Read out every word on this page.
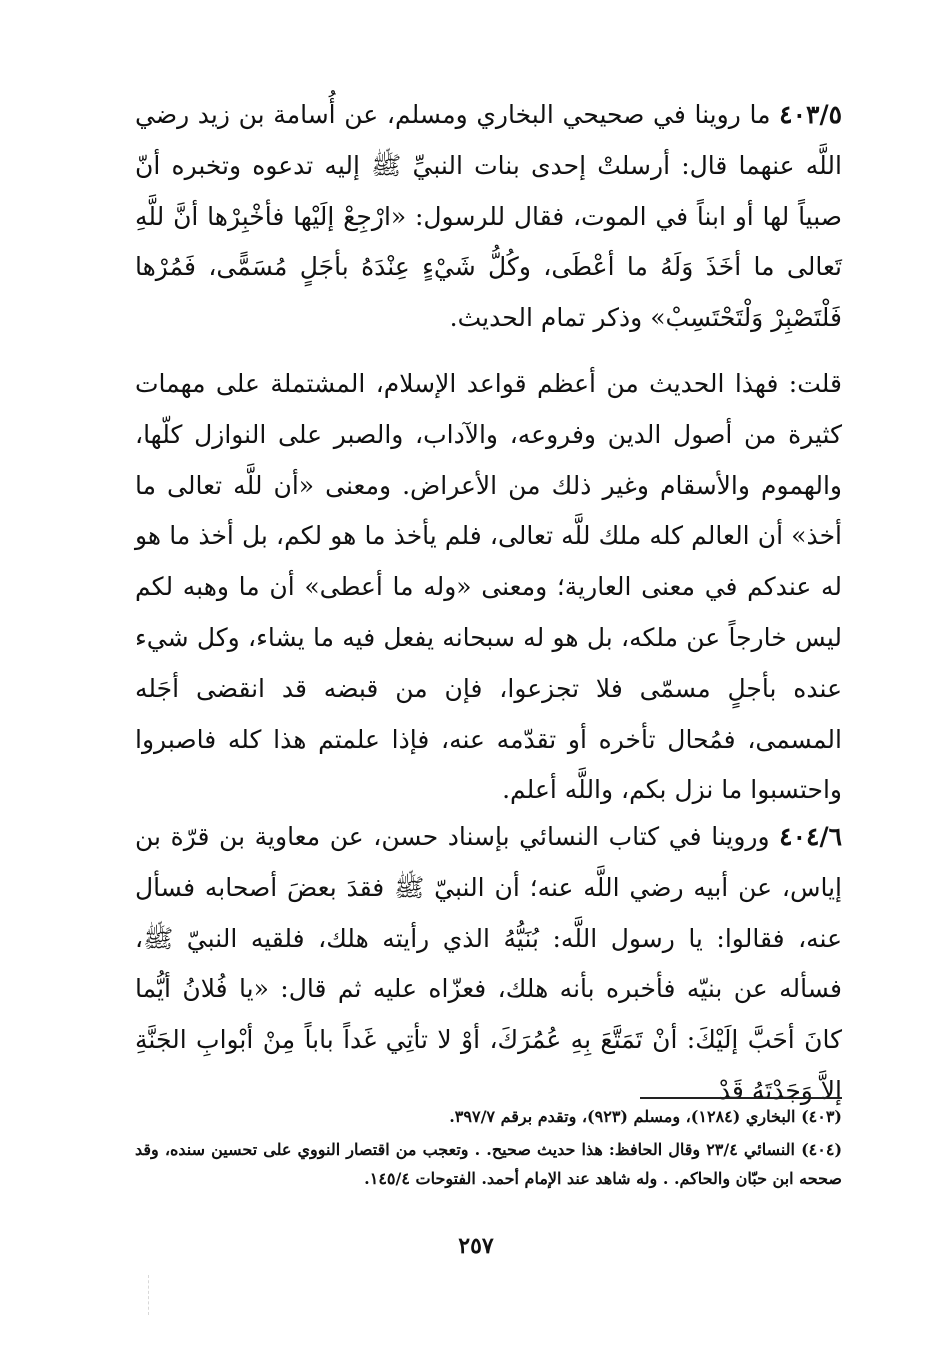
٤٠٣/٥ ما روينا في صحيحي البخاري ومسلم، عن أُسامة بن زيد رضي اللَّه عنهما قال: أرسلتْ إحدى بنات النبيِّ ﷺ إليه تدعوه وتخبره أنّ صبياً لها أو ابناً في الموت، فقال للرسول: «ارْجِعْ إلَيْها فأخْبِرْها أنَّ للَّهِ تَعالى ما أخَذَ وَلَهُ ما أعْطَى، وكُلُّ شَيْءٍ عِنْدَهُ بأجَلٍ مُسَمًّى، فَمُرْها فَلْتَصْبِرْ وَلْتَحْتَسِبْ» وذكر تمام الحديث.

قلت: فهذا الحديث من أعظم قواعد الإسلام، المشتملة على مهمات كثيرة من أصول الدين وفروعه، والآداب، والصبر على النوازل كلّها، والهموم والأسقام وغير ذلك من الأعراض. ومعنى «أن للَّه تعالى ما أخذ» أن العالم كله ملك للَّه تعالى، فلم يأخذ ما هو لكم، بل أخذ ما هو له عندكم في معنى العارية؛ ومعنى «وله ما أعطى» أن ما وهبه لكم ليس خارجاً عن ملكه، بل هو له سبحانه يفعل فيه ما يشاء، وكل شيء عنده بأجلٍ مسمّى فلا تجزعوا، فإن من قبضه قد انقضى أجَله المسمى، فمُحال تأخره أو تقدّمه عنه، فإذا علمتم هذا كله فاصبروا واحتسبوا ما نزل بكم، واللَّه أعلم.

٤٠٤/٦ وروينا في كتاب النسائي بإسناد حسن، عن معاوية بن قرّة بن إياس، عن أبيه رضي اللَّه عنه؛ أن النبيّ ﷺ فقدَ بعضَ أصحابه فسأل عنه، فقالوا: يا رسول اللَّه: بُنَيُّهُ الذي رأيته هلك، فلقيه النبيّ ﷺ، فسأله عن بنيّه فأخبره بأنه هلك، فعزّاه عليه ثم قال: «يا فُلانُ أيُّما كانَ أحَبَّ إلَيْكَ: أنْ تَمَتَّعَ بِهِ عُمُرَكَ، أوْ لا تأتِي غَداً باباً مِنْ أبْوابِ الجَنَّةِ إلاَّ وَجَدْتَهُ قَدْ

(٤٠٣) البخاري (١٢٨٤)، ومسلم (٩٢٣)، وتقدم برقم ٣٩٧/٧.

(٤٠٤) النسائي ٢٣/٤ وقال الحافظ: هذا حديث صحيح. . وتعجب من اقتصار النووي على تحسين سنده، وقد صححه ابن حبّان والحاكم. . وله شاهد عند الإمام أحمد. الفتوحات ١٤٥/٤.

٢٥٧
